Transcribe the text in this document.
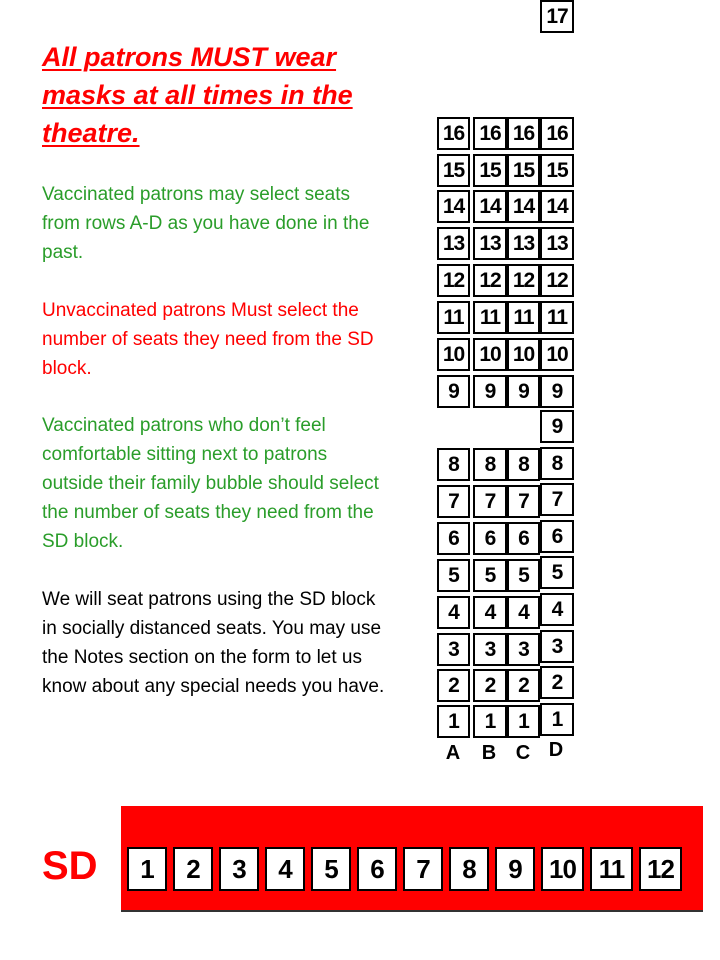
All patrons MUST wear masks at all times in the theatre.
Vaccinated patrons may select seats from rows A-D as you have done in the past.
Unvaccinated patrons Must select the number of seats they need from the SD block.
Vaccinated patrons who don’t feel comfortable sitting next to patrons outside their family bubble should select the number of seats they need from the SD block.
We will seat patrons using the SD block in socially distanced seats. You may use the Notes section on the form to let us know about any special needs you have.
1
2
3
4
5
6
7
8
9
10
11
12
13
14
15
16
A
1
2
3
4
5
6
7
8
9
10
11
12
13
14
15
16
B
1
2
3
4
5
6
7
8
9
10
11
12
13
14
15
16
C
1
2
3
4
5
6
7
8
9
9
10
11
12
13
14
15
16
17
D
SD	1	2	3	4	5	6	7	8	9	10 11 12
